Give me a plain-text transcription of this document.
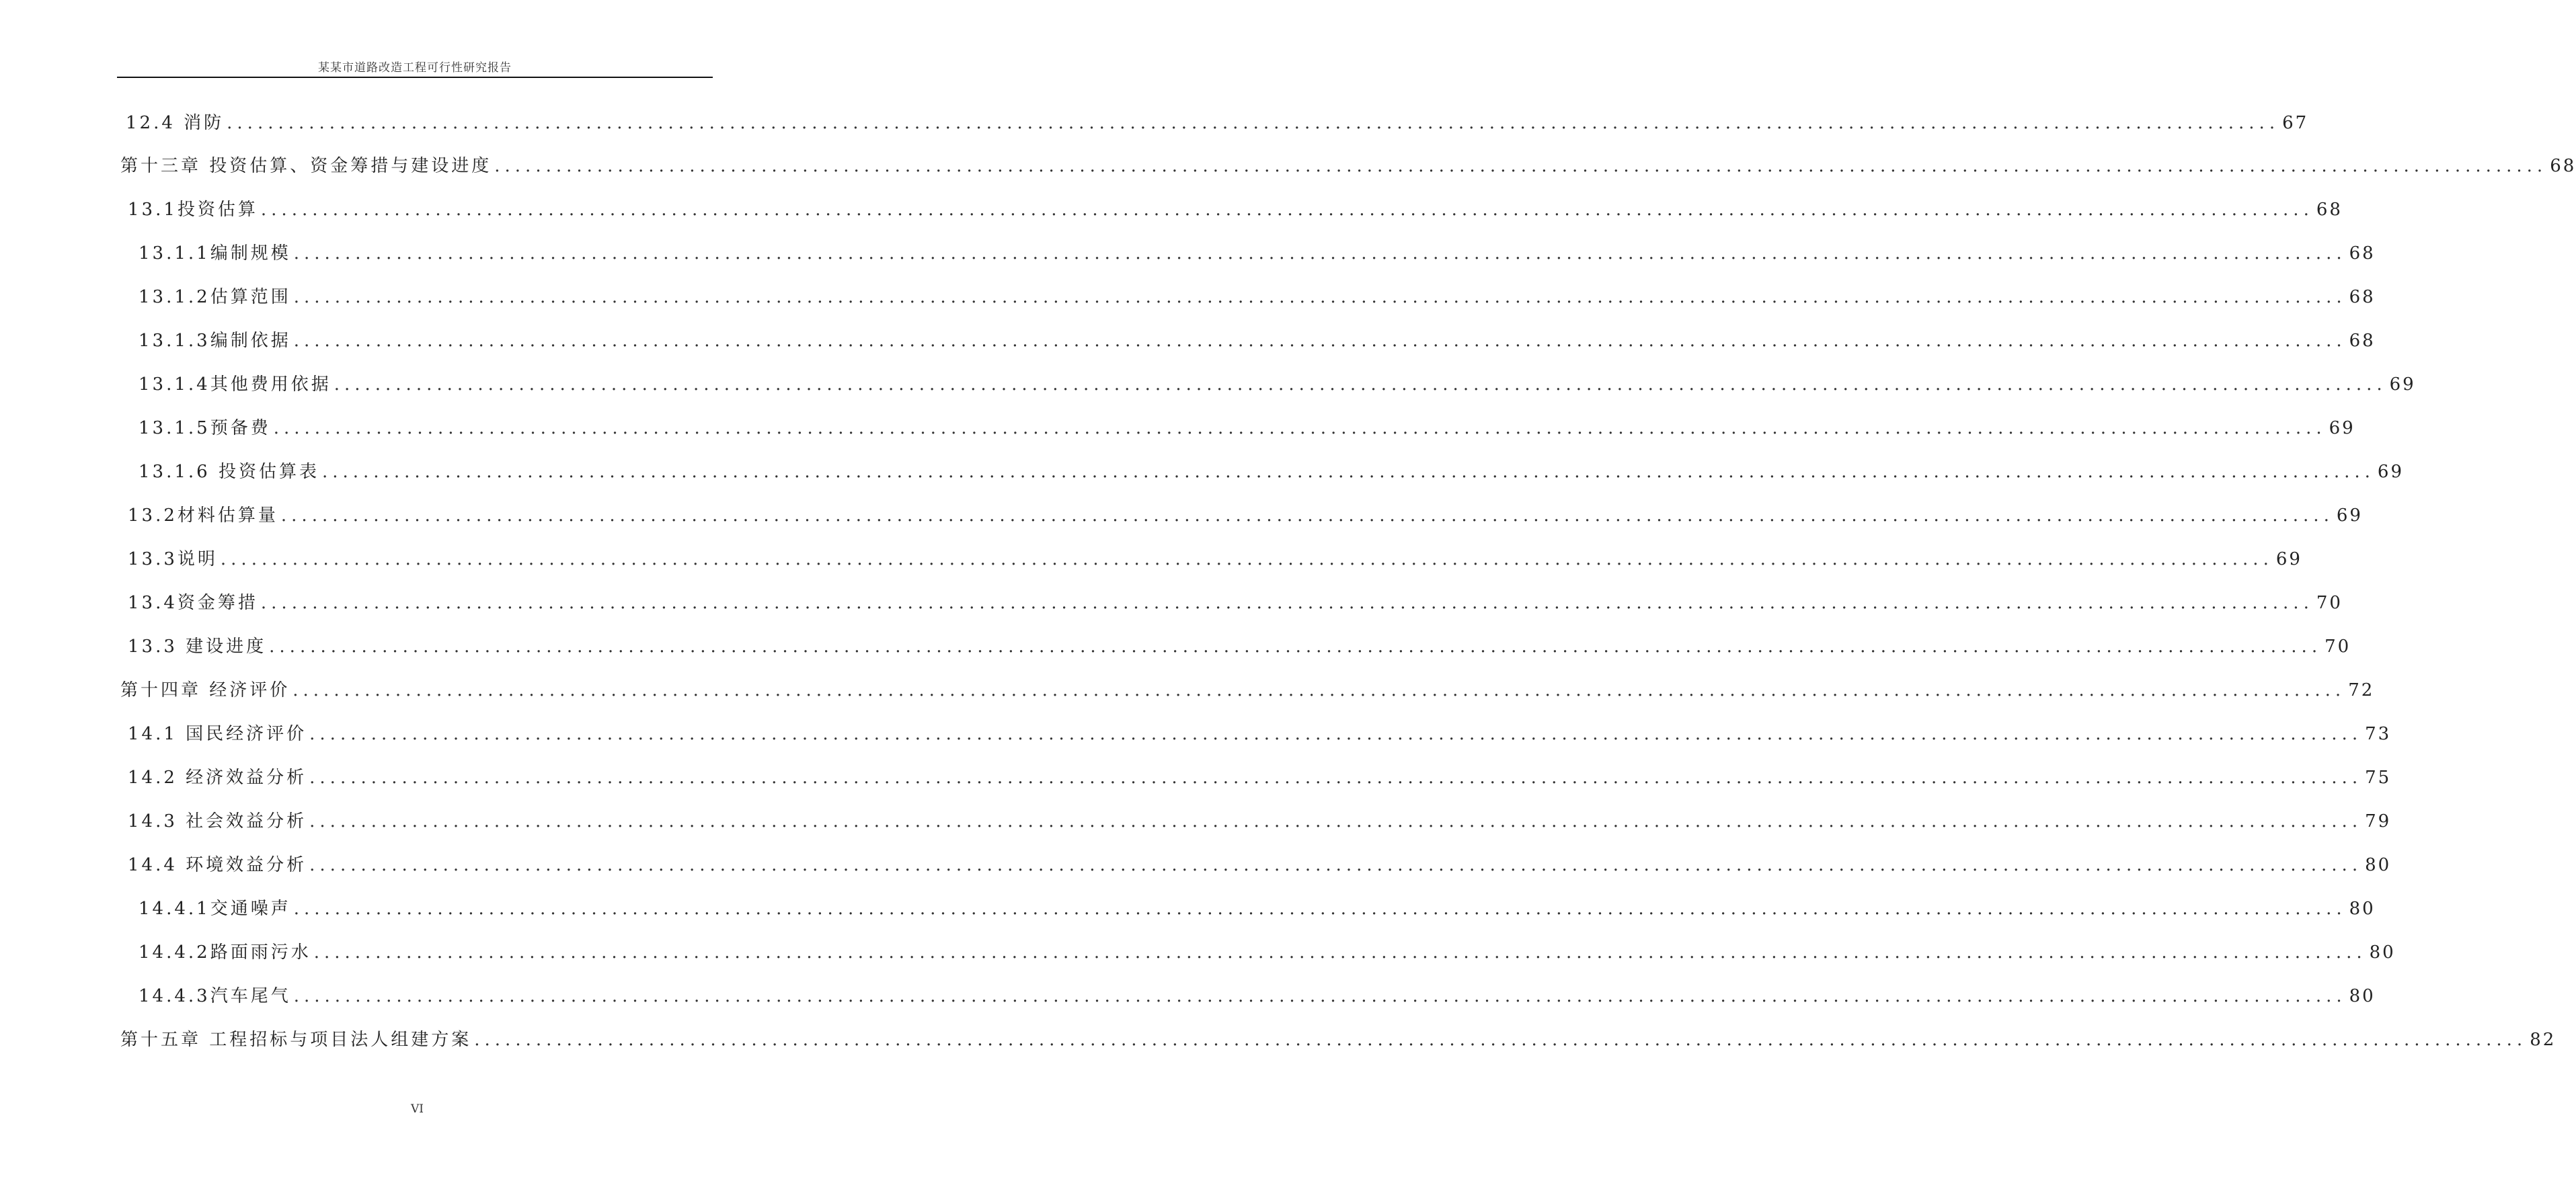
某某市道路改造工程可行性研究报告
12.4 消防 ........................................................................................................................................................................................................ 67
第十三章 投资估算、资金筹措与建设进度 ........................................................................................................................................................................................................ 68
13.1投资估算 ........................................................................................................................................................................................................ 68
13.1.1编制规模 ........................................................................................................................................................................................................ 68
13.1.2估算范围 ........................................................................................................................................................................................................ 68
13.1.3编制依据 ........................................................................................................................................................................................................ 68
13.1.4其他费用依据 ........................................................................................................................................................................................................ 69
13.1.5预备费 ........................................................................................................................................................................................................ 69
13.1.6 投资估算表 ........................................................................................................................................................................................................ 69
13.2材料估算量 ........................................................................................................................................................................................................ 69
13.3说明 ........................................................................................................................................................................................................ 69
13.4资金筹措 ........................................................................................................................................................................................................ 70
13.3 建设进度 ........................................................................................................................................................................................................ 70
第十四章 经济评价 ........................................................................................................................................................................................................ 72
14.1 国民经济评价 ........................................................................................................................................................................................................ 73
14.2 经济效益分析 ........................................................................................................................................................................................................ 75
14.3 社会效益分析 ........................................................................................................................................................................................................ 79
14.4 环境效益分析 ........................................................................................................................................................................................................ 80
14.4.1交通噪声 ........................................................................................................................................................................................................ 80
14.4.2路面雨污水 ........................................................................................................................................................................................................ 80
14.4.3汽车尾气 ........................................................................................................................................................................................................ 80
第十五章 工程招标与项目法人组建方案 ........................................................................................................................................................................................................ 82
VI
